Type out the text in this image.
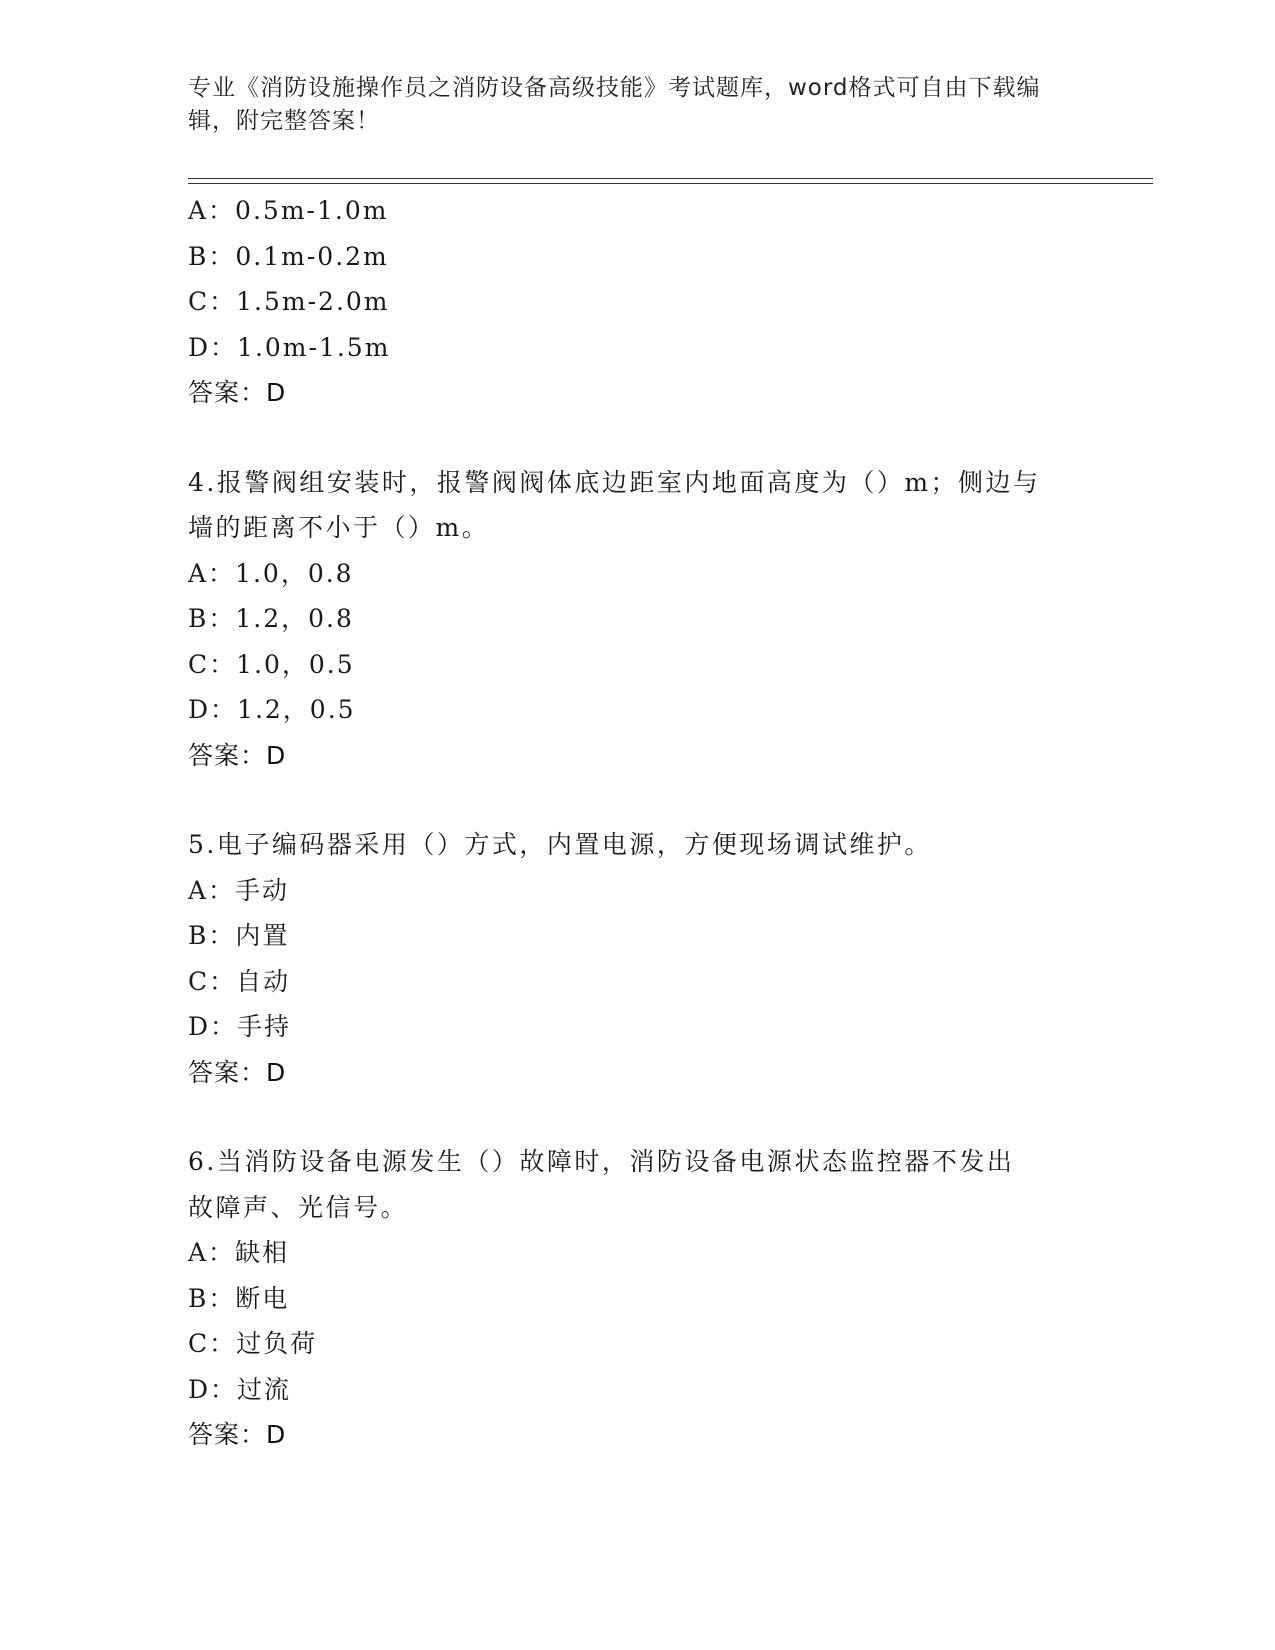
专业《消防设施操作员之消防设备高级技能》考试题库，word格式可自由下载编
辑，附完整答案！
A：0.5m-1.0m
B：0.1m-0.2m
C：1.5m-2.0m
D：1.0m-1.5m
答案：D
4.报警阀组安装时，报警阀阀体底边距室内地面高度为（）m；侧边与
墙的距离不小于（）m。
A：1.0，0.8
B：1.2，0.8
C：1.0，0.5
D：1.2，0.5
答案：D
5.电子编码器采用（）方式，内置电源，方便现场调试维护。
A：手动
B：内置
C：自动
D：手持
答案：D
6.当消防设备电源发生（）故障时，消防设备电源状态监控器不发出
故障声、光信号。
A：缺相
B：断电
C：过负荷
D：过流
答案：D
